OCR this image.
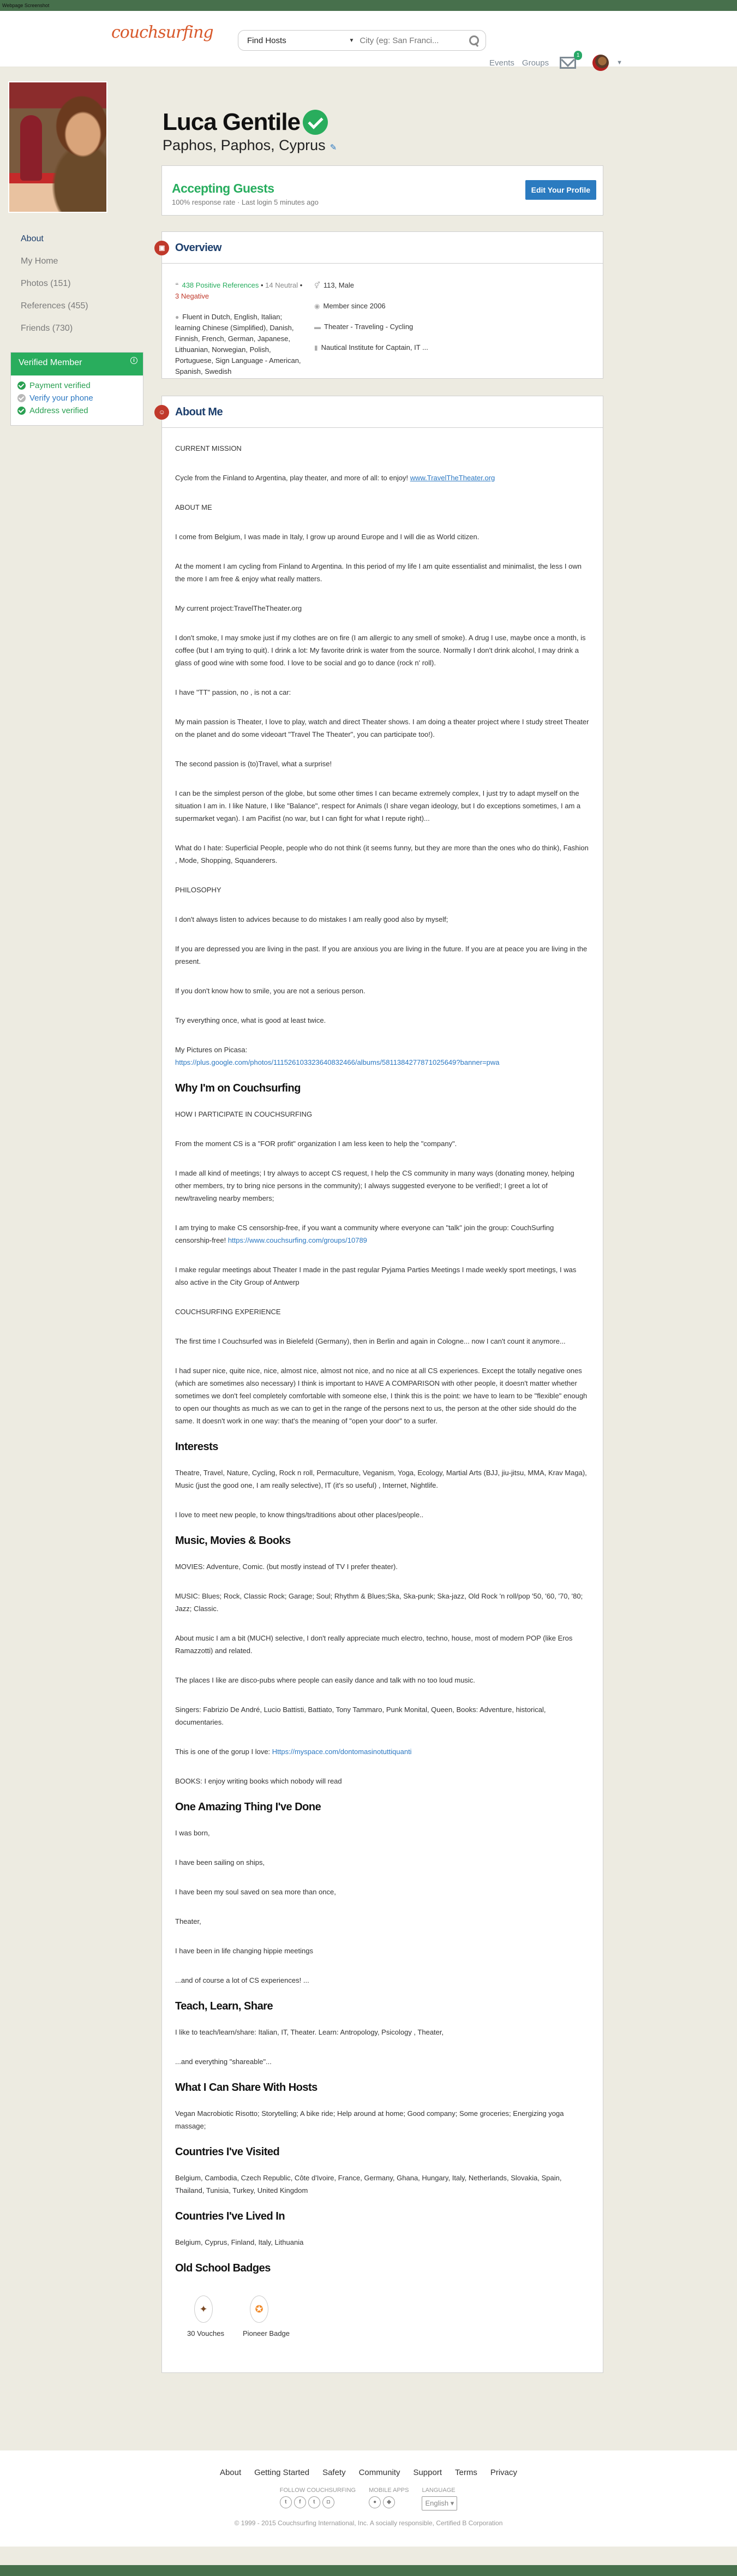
Webpage Screenshot
couchsurfing	Find Hosts	▼
City (eg: San Franci...
Events Groups
1
▼
About
My Home
Photos (151)
References (455)
Friends (730)
Verified Member	i
Payment verified
Verify your phone
Address verified
Luca Gentile
Paphos, Paphos, Cyprus ✎
Accepting Guests
100% response rate · Last login 5 minutes ago
Edit Your Profile
▣ Overview
❝ 438 Positive References • 14 Neutral • 3 Negative
● Fluent in Dutch, English, Italian; learning Chinese (Simplified), Danish, Finnish, French, German, Japanese, Lithuanian, Norwegian, Polish, Portuguese, Sign Language - American, Spanish, Swedish
⚥ 113, Male
◉ Member since 2006
▬ Theater - Traveling - Cycling
▮ Nautical Institute for Captain, IT ...
☺ About Me

CURRENT MISSION

Cycle from the Finland to Argentina, play theater, and more of all: to enjoy! www.TravelTheTheater.org

ABOUT ME

I come from Belgium, I was made in Italy, I grow up around Europe and I will die as World citizen.

At the moment I am cycling from Finland to Argentina. In this period of my life I am quite essentialist and minimalist, the less I own the more I am free & enjoy what really matters.

My current project:TravelTheTheater.org

I don't smoke, I may smoke just if my clothes are on fire (I am allergic to any smell of smoke). A drug I use, maybe once a month, is coffee (but I am trying to quit). I drink a lot: My favorite drink is water from the source. Normally I don't drink alcohol, I may drink a glass of good wine with some food. I love to be social and go to dance (rock n' roll).

I have "TT" passion, no , is not a car:

My main passion is Theater, I love to play, watch and direct Theater shows. I am doing a theater project where I study street Theater on the planet and do some videoart "Travel The Theater", you can participate too!).

The second passion is (to)Travel, what a surprise!

I can be the simplest person of the globe, but some other times I can became extremely complex, I just try to adapt myself on the situation I am in. I like Nature, I like "Balance", respect for Animals (I share vegan ideology, but I do exceptions sometimes, I am a supermarket vegan). I am Pacifist (no war, but I can fight for what I repute right)...

What do I hate: Superficial People, people who do not think (it seems funny, but they are more than the ones who do think), Fashion , Mode, Shopping, Squanderers.

PHILOSOPHY

I don't always listen to advices because to do mistakes I am really good also by myself;

If you are depressed you are living in the past. If you are anxious you are living in the future. If you are at peace you are living in the present.

If you don't know how to smile, you are not a serious person.

Try everything once, what is good at least twice.

My Pictures on Picasa:
https://plus.google.com/photos/111526103323640832466/albums/5811384277871025649?banner=pwa

Why I'm on Couchsurfing

HOW I PARTICIPATE IN COUCHSURFING

From the moment CS is a "FOR profit" organization I am less keen to help the "company".

I made all kind of meetings; I try always to accept CS request, I help the CS community in many ways (donating money, helping other members, try to bring nice persons in the community); I always suggested everyone to be verified!; I greet a lot of new/traveling nearby members;

I am trying to make CS censorship-free, if you want a community where everyone can "talk" join the group: CouchSurfing censorship-free! https://www.couchsurfing.com/groups/10789

I make regular meetings about Theater I made in the past regular Pyjama Parties Meetings I made weekly sport meetings, I was also active in the City Group of Antwerp

COUCHSURFING EXPERIENCE

The first time I Couchsurfed was in Bielefeld (Germany), then in Berlin and again in Cologne... now I can't count it anymore...

I had super nice, quite nice, nice, almost nice, almost not nice, and no nice at all CS experiences. Except the totally negative ones (which are sometimes also necessary) I think is important to HAVE A COMPARISON with other people, it doesn't matter whether sometimes we don't feel completely comfortable with someone else, I think this is the point: we have to learn to be "flexible" enough to open our thoughts as much as we can to get in the range of the persons next to us, the person at the other side should do the same. It doesn't work in one way: that's the meaning of "open your door" to a surfer.

Interests

Theatre, Travel, Nature, Cycling, Rock n roll, Permaculture, Veganism, Yoga, Ecology, Martial Arts (BJJ, jiu-jitsu, MMA, Krav Maga), Music (just the good one, I am really selective), IT (it's so useful) , Internet, Nightlife.

I love to meet new people, to know things/traditions about other places/people..

Music, Movies & Books

MOVIES: Adventure, Comic. (but mostly instead of TV I prefer theater).

MUSIC: Blues; Rock, Classic Rock; Garage; Soul; Rhythm & Blues;Ska, Ska-punk; Ska-jazz, Old Rock 'n roll/pop '50, '60, '70, '80; Jazz; Classic.

About music I am a bit (MUCH) selective, I don't really appreciate much electro, techno, house, most of modern POP (like Eros Ramazzotti) and related.

The places I like are disco-pubs where people can easily dance and talk with no too loud music.

Singers: Fabrizio De André, Lucio Battisti, Battiato, Tony Tammaro, Punk Monital, Queen, Books: Adventure, historical, documentaries.

This is one of the gorup I love: Https://myspace.com/dontomasinotuttiquanti

BOOKS: I enjoy writing books which nobody will read

One Amazing Thing I've Done

I was born,

I have been sailing on ships,

I have been my soul saved on sea more than once,

Theater,

I have been in life changing hippie meetings

...and of course a lot of CS experiences! ...

Teach, Learn, Share

I like to teach/learn/share: Italian, IT, Theater. Learn: Antropology, Psicology , Theater,

...and everything "shareable"...

What I Can Share With Hosts

Vegan Macrobiotic Risotto; Storytelling; A bike ride; Help around at home; Good company; Some groceries; Energizing yoga massage;

Countries I've Visited

Belgium, Cambodia, Czech Republic, Côte d'Ivoire, France, Germany, Ghana, Hungary, Italy, Netherlands, Slovakia, Spain, Thailand, Tunisia, Turkey, United Kingdom

Countries I've Lived In

Belgium, Cyprus, Finland, Italy, Lithuania

Old School Badges
✦
30 Vouches
✪
Pioneer Badge
About Getting Started Safety Community Support Terms Privacy
FOLLOW COUCHSURFING
t	f	t	◘
MOBILE APPS
●	◆
LANGUAGE
English ▾
© 1999 - 2015 Couchsurfing International, Inc. A socially responsible, Certified B Corporation
